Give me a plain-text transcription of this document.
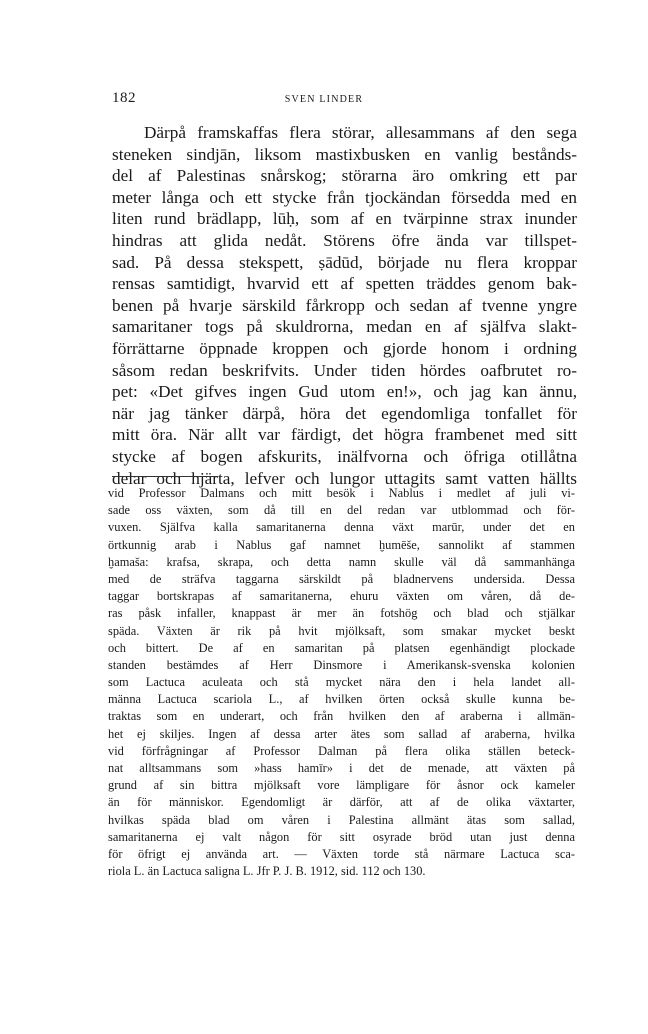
182	SVEN LINDER
Därpå framskaffas flera störar, allesammans af den sega
steneken sindjān, liksom mastixbusken en vanlig bestånds-
del af Palestinas snårskog; störarna äro omkring ett par
meter långa och ett stycke från tjockändan försedda med en
liten rund brädlapp, lūḥ, som af en tvärpinne strax inunder
hindras att glida nedåt. Störens öfre ända var tillspet-
sad. På dessa stekspett, ṣādūd, började nu flera kroppar
rensas samtidigt, hvarvid ett af spetten träddes genom bak-
benen på hvarje särskild fårkropp och sedan af tvenne yngre
samaritaner togs på skuldrorna, medan en af själfva slakt-
förrättarne öppnade kroppen och gjorde honom i ordning
såsom redan beskrifvits. Under tiden hördes oafbrutet ro-
pet: «Det gifves ingen Gud utom en!», och jag kan ännu,
när jag tänker därpå, höra det egendomliga tonfallet för
mitt öra. När allt var färdigt, det högra frambenet med sitt
stycke af bogen afskurits, inälfvorna och öfriga otillåtna
delar och hjärta, lefver och lungor uttagits samt vatten hällts
vid Professor Dalmans och mitt besök i Nablus i medlet af juli vi-
sade oss växten, som då till en del redan var utblommad och för-
vuxen. Själfva kalla samaritanerna denna växt marūr, under det en
örtkunnig arab i Nablus gaf namnet ḫumēše, sannolikt af stammen
ḫamaša: krafsa, skrapa, och detta namn skulle väl då sammanhänga
med de sträfva taggarna särskildt på bladnervens undersida. Dessa
taggar bortskrapas af samaritanerna, ehuru växten om våren, då de-
ras påsk infaller, knappast är mer än fotshög och blad och stjälkar
späda. Växten är rik på hvit mjölksaft, som smakar mycket beskt
och bittert. De af en samaritan på platsen egenhändigt plockade
standen bestämdes af Herr Dinsmore i Amerikansk-svenska kolonien
som Lactuca aculeata och stå mycket nära den i hela landet all-
männa Lactuca scariola L., af hvilken örten också skulle kunna be-
traktas som en underart, och från hvilken den af araberna i allmän-
het ej skiljes. Ingen af dessa arter ätes som sallad af araberna, hvilka
vid förfrågningar af Professor Dalman på flera olika ställen beteck-
nat alltsammans som »hass hamīr» i det de menade, att växten på
grund af sin bittra mjölksaft vore lämpligare för åsnor ock kameler
än för människor. Egendomligt är därför, att af de olika växtarter,
hvilkas späda blad om våren i Palestina allmänt ätas som sallad,
samaritanerna ej valt någon för sitt osyrade bröd utan just denna
för öfrigt ej använda art. — Växten torde stå närmare Lactuca sca-
riola L. än Lactuca saligna L. Jfr P. J. B. 1912, sid. 112 och 130.
